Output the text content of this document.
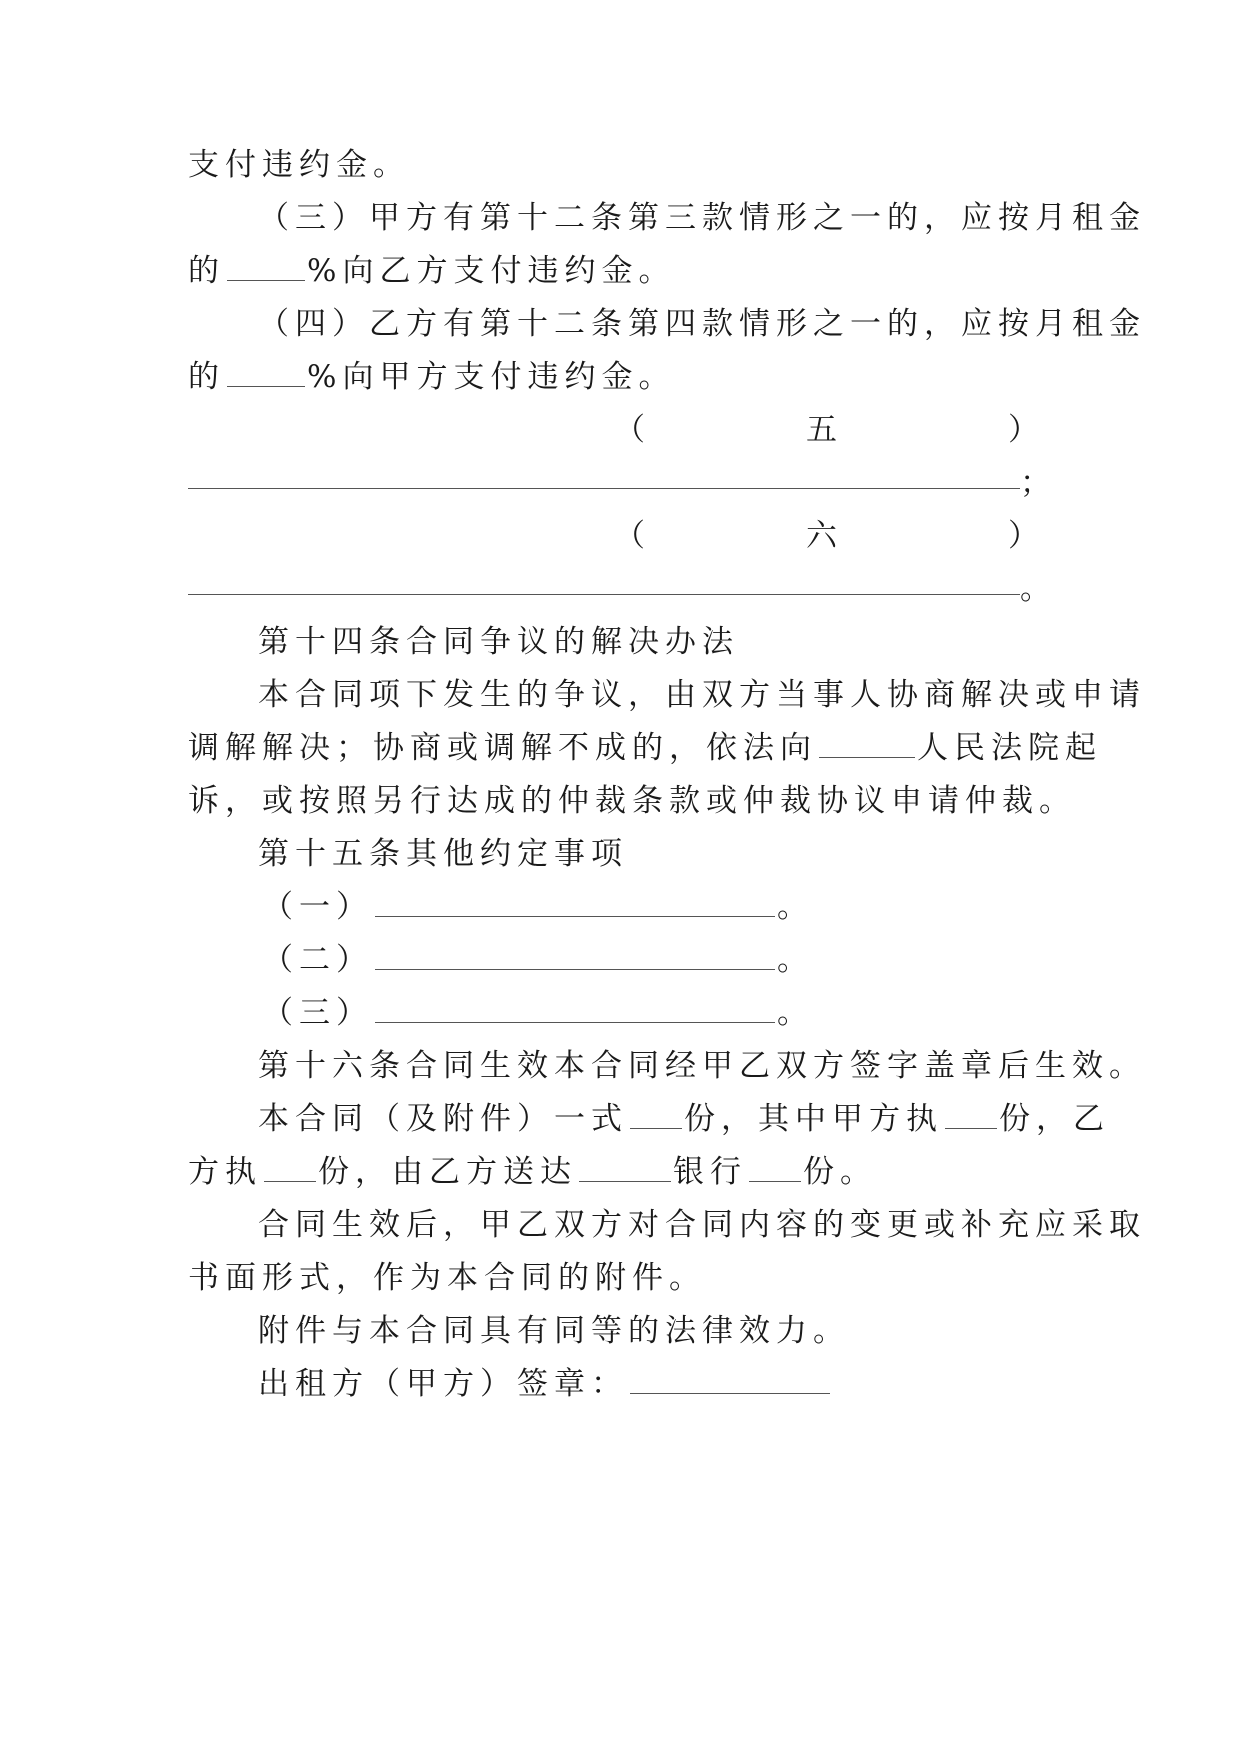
支付违约金。
（三）甲方有第十二条第三款情形之一的，应按月租金
的	%向乙方支付违约金。
（四）乙方有第十二条第四款情形之一的，应按月租金
的	%向甲方支付违约金。
（	五	）
；
（	六	）
。
第十四条合同争议的解决办法
本合同项下发生的争议，由双方当事人协商解决或申请
调解解决；协商或调解不成的，依法向	人民法院起
诉，或按照另行达成的仲裁条款或仲裁协议申请仲裁。
第十五条其他约定事项
（一）	。
（二）	。
（三）	。
第十六条合同生效本合同经甲乙双方签字盖章后生效。
本合同（及附件）一式 份，其中甲方执 份，乙
方执 份，由乙方送达	银行 份。
合同生效后，甲乙双方对合同内容的变更或补充应采取
书面形式，作为本合同的附件。
附件与本合同具有同等的法律效力。
出租方（甲方）签章：
